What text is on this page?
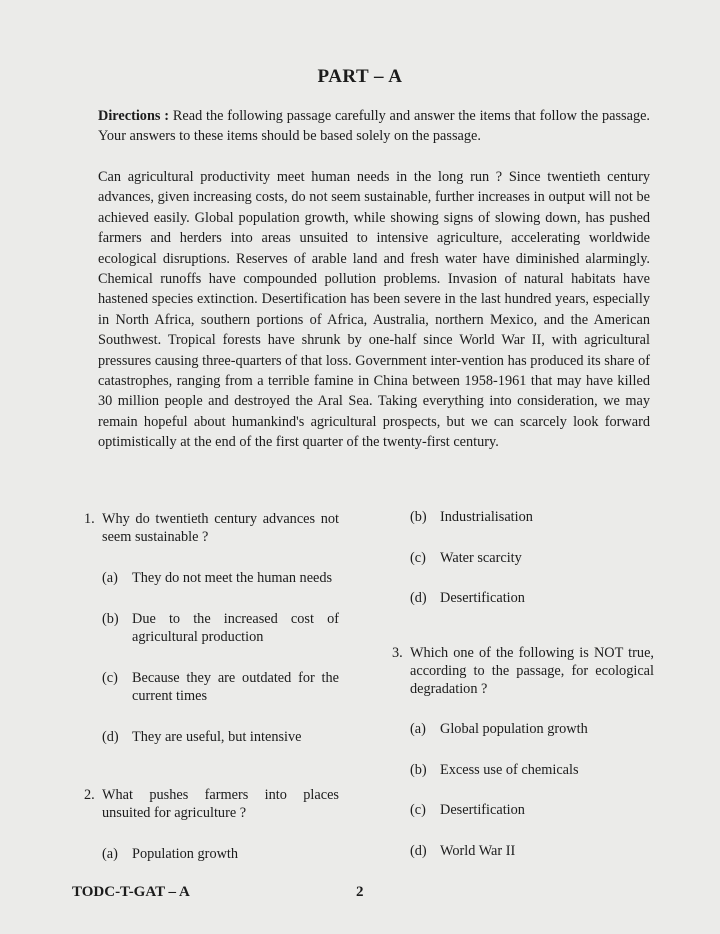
PART – A
Directions : Read the following passage carefully and answer the items that follow the passage. Your answers to these items should be based solely on the passage.
Can agricultural productivity meet human needs in the long run ? Since twentieth century advances, given increasing costs, do not seem sustainable, further increases in output will not be achieved easily. Global population growth, while showing signs of slowing down, has pushed farmers and herders into areas unsuited to intensive agriculture, accelerating worldwide ecological disruptions. Reserves of arable land and fresh water have diminished alarmingly. Chemical runoffs have compounded pollution problems. Invasion of natural habitats have hastened species extinction. Desertification has been severe in the last hundred years, especially in North Africa, southern portions of Africa, Australia, northern Mexico, and the American Southwest. Tropical forests have shrunk by one-half since World War II, with agricultural pressures causing three-quarters of that loss. Government inter-vention has produced its share of catastrophes, ranging from a terrible famine in China between 1958-1961 that may have killed 30 million people and destroyed the Aral Sea. Taking everything into consideration, we may remain hopeful about humankind's agricultural prospects, but we can scarcely look forward optimistically at the end of the first quarter of the twenty-first century.
1. Why do twentieth century advances not seem sustainable ?
(a) They do not meet the human needs
(b) Due to the increased cost of agricultural production
(c) Because they are outdated for the current times
(d) They are useful, but intensive
2. What pushes farmers into places unsuited for agriculture ?
(a) Population growth
(b) Industrialisation
(c) Water scarcity
(d) Desertification
3. Which one of the following is NOT true, according to the passage, for ecological degradation ?
(a) Global population growth
(b) Excess use of chemicals
(c) Desertification
(d) World War II
TODC-T-GAT – A	2
